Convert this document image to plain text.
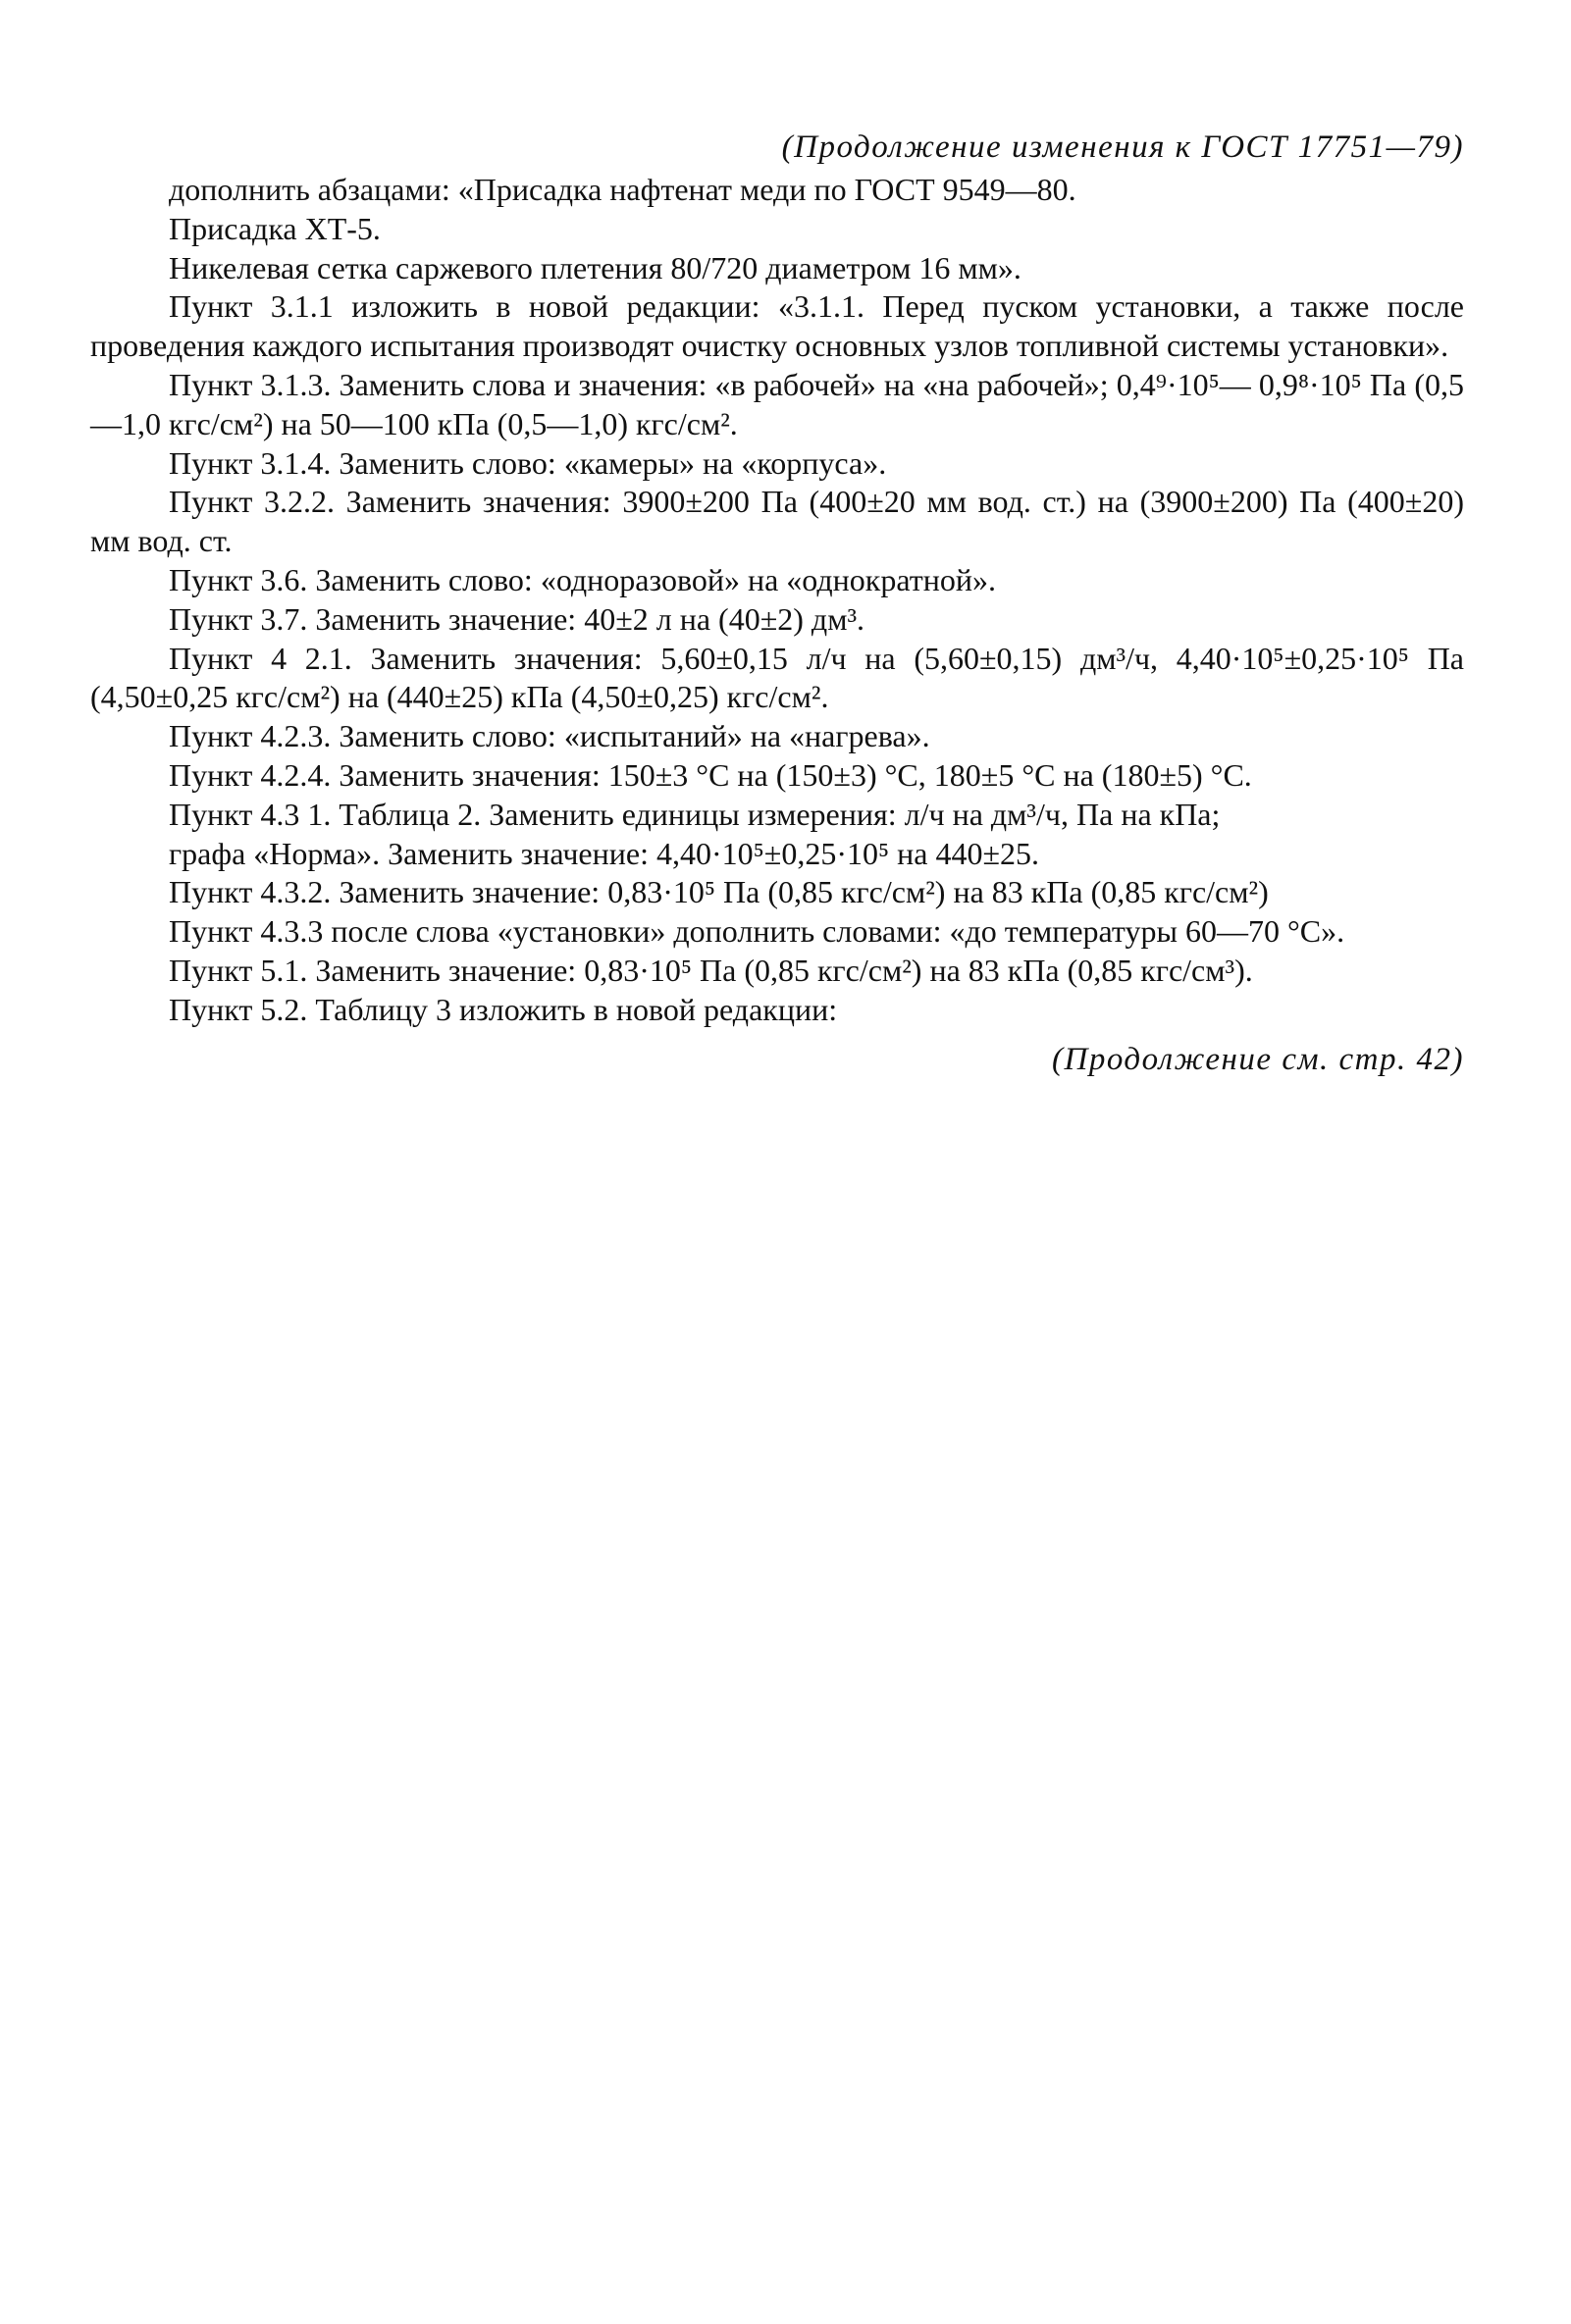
(Продолжение изменения к ГОСТ 17751—79)

дополнить абзацами: «Присадка нафтенат меди по ГОСТ 9549—80.

Присадка ХТ-5.

Никелевая сетка саржевого плетения 80/720 диаметром 16 мм».

Пункт 3.1.1 изложить в новой редакции: «3.1.1. Перед пуском установки, а также после проведения каждого испытания производят очистку основных узлов топливной системы установки».

Пункт 3.1.3. Заменить слова и значения: «в рабочей» на «на рабочей»; 0,4⁹·10⁵— 0,9⁸·10⁵ Па (0,5—1,0 кгс/см²) на 50—100 кПа (0,5—1,0) кгс/см².

Пункт 3.1.4. Заменить слово: «камеры» на «корпуса».

Пункт 3.2.2. Заменить значения: 3900±200 Па (400±20 мм вод. ст.) на (3900±200) Па (400±20) мм вод. ст.

Пункт 3.6. Заменить слово: «одноразовой» на «однократной».

Пункт 3.7. Заменить значение: 40±2 л на (40±2) дм³.

Пункт 4 2.1. Заменить значения: 5,60±0,15 л/ч на (5,60±0,15) дм³/ч, 4,40·10⁵±0,25·10⁵ Па (4,50±0,25 кгс/см²) на (440±25) кПа (4,50±0,25) кгс/см².

Пункт 4.2.3. Заменить слово: «испытаний» на «нагрева».

Пункт 4.2.4. Заменить значения: 150±3 °С на (150±3) °С, 180±5 °С на (180±5) °С.

Пункт 4.3 1. Таблица 2. Заменить единицы измерения: л/ч на дм³/ч, Па на кПа;

графа «Норма». Заменить значение: 4,40·10⁵±0,25·10⁵ на 440±25.

Пункт 4.3.2. Заменить значение: 0,83·10⁵ Па (0,85 кгс/см²) на 83 кПа (0,85 кгс/см²)

Пункт 4.3.3 после слова «установки» дополнить словами: «до температуры 60—70 °С».

Пункт 5.1. Заменить значение: 0,83·10⁵ Па (0,85 кгс/см²) на 83 кПа (0,85 кгс/см³).

Пункт 5.2. Таблицу 3 изложить в новой редакции:

(Продолжение см. стр. 42)
